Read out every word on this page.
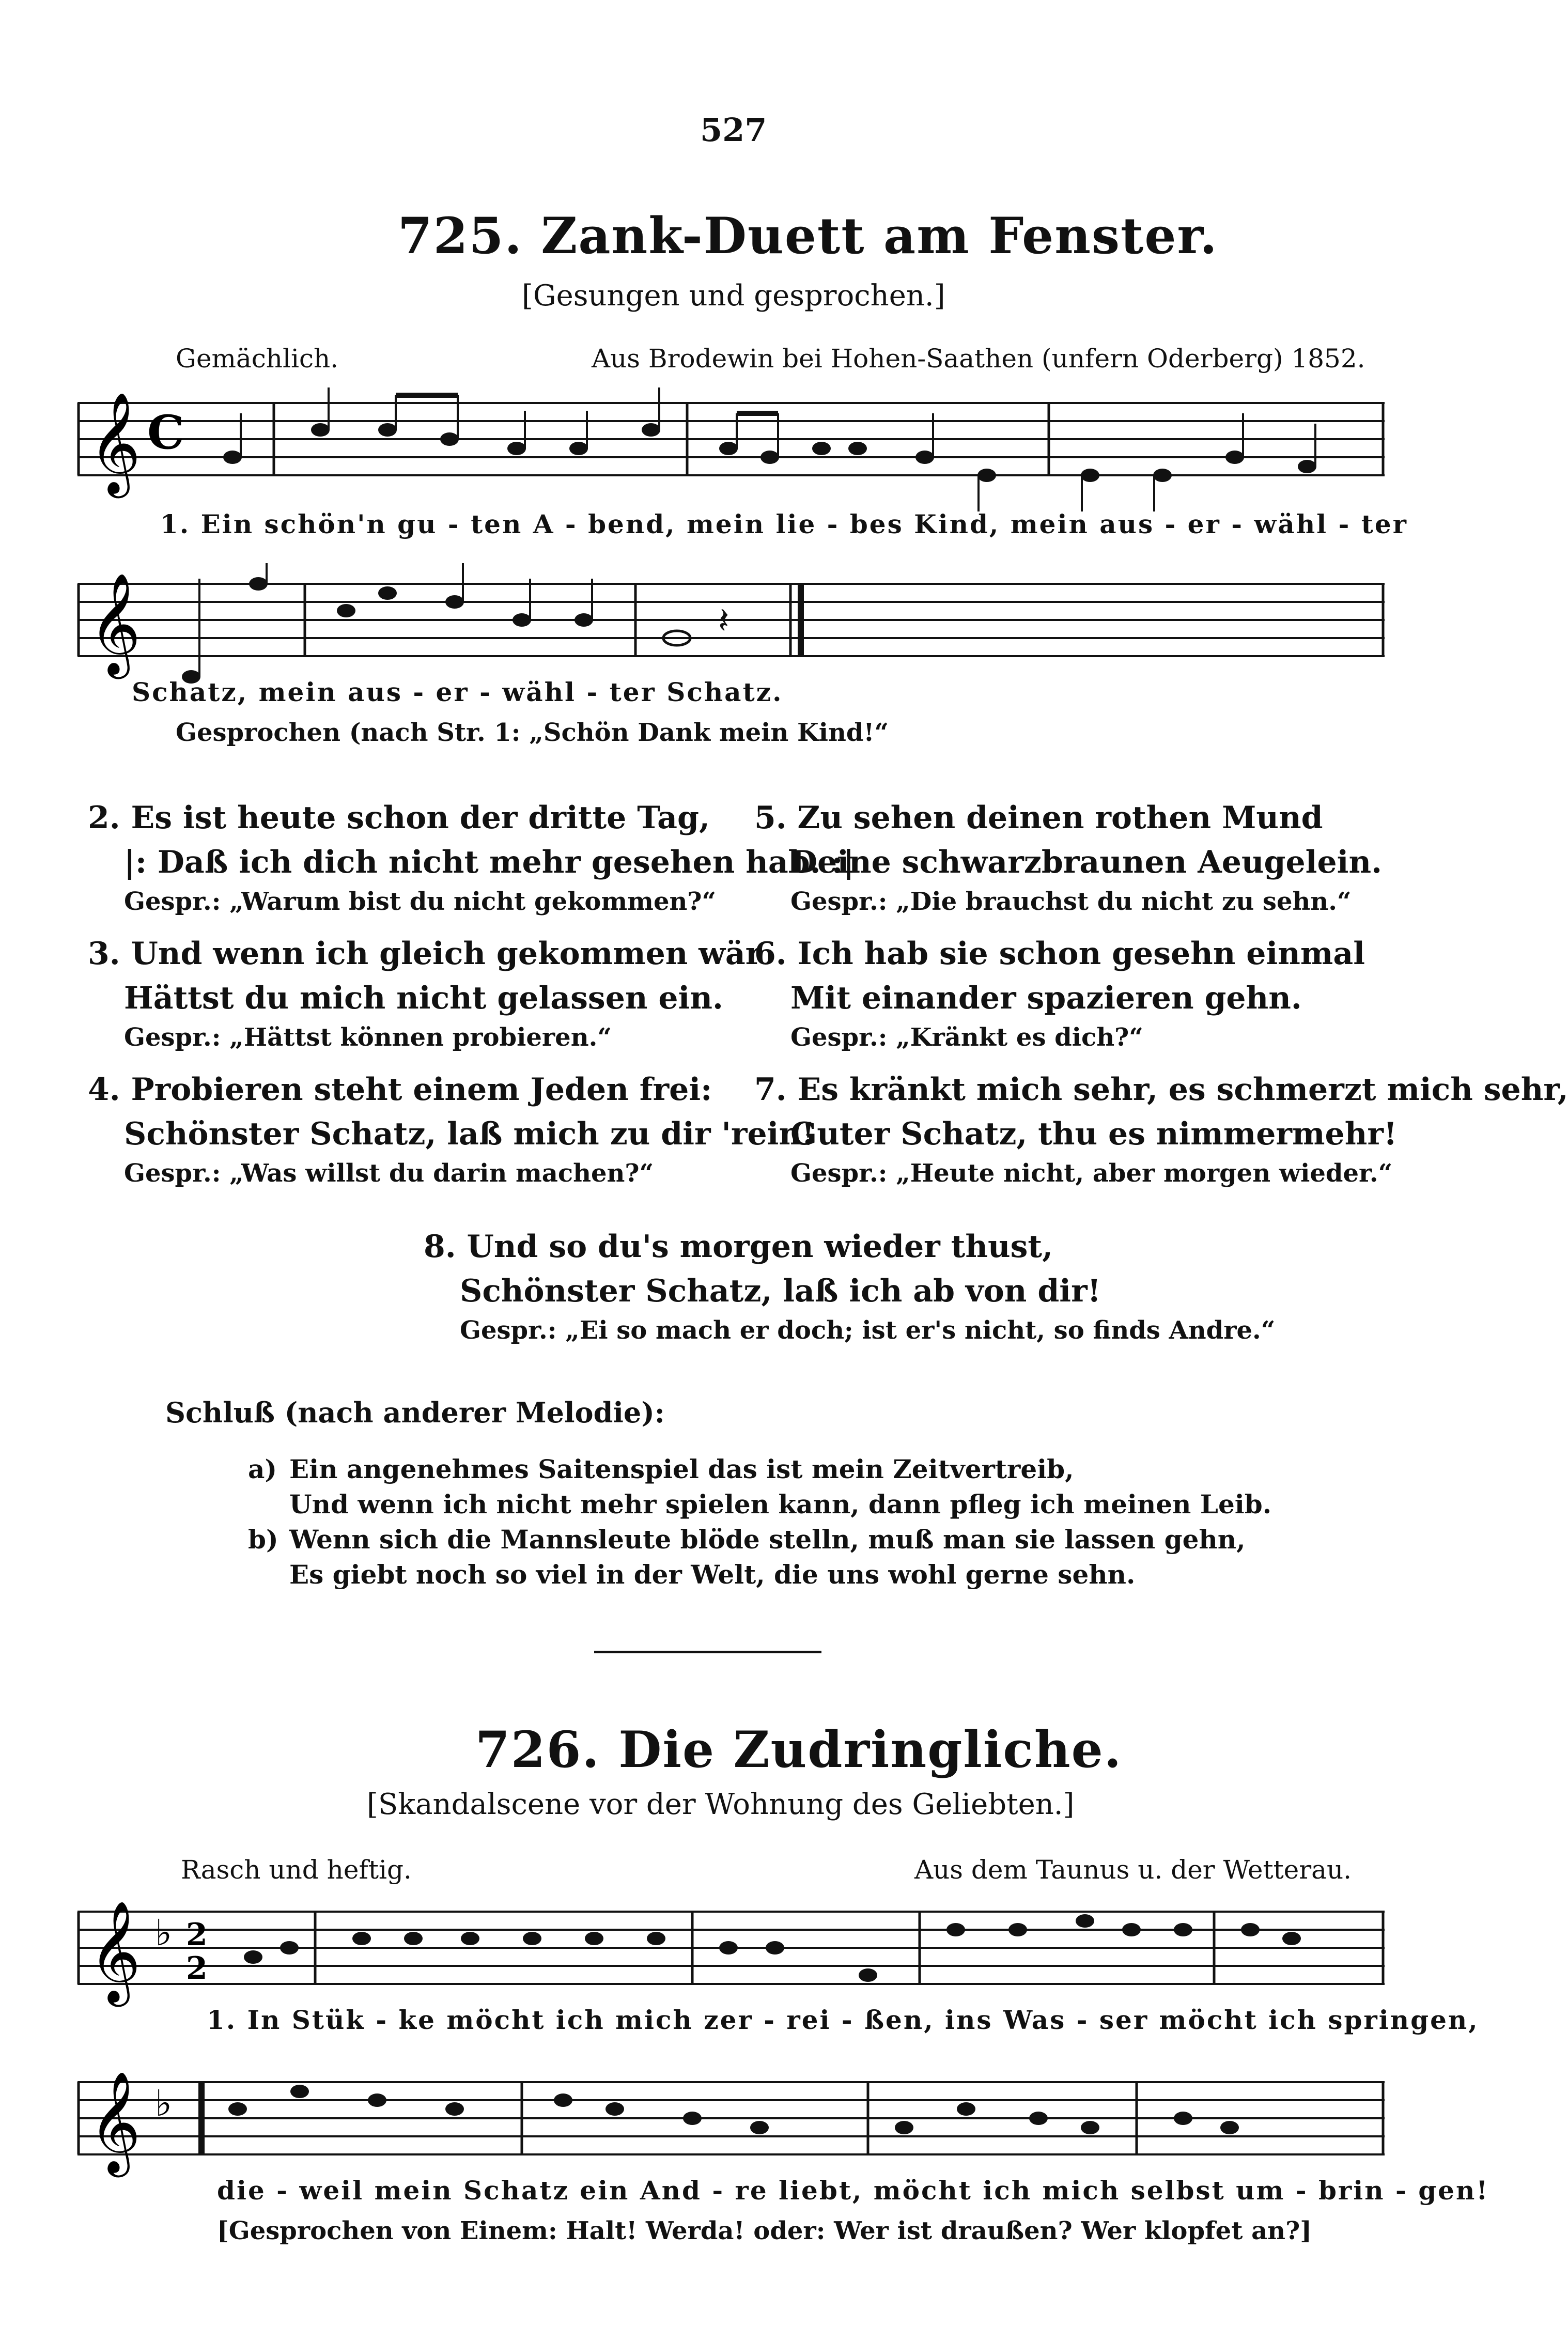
527
725. Zank-Duett am Fenster.
[Gesungen und gesprochen.]
Gemächlich.	Aus Brodewin bei Hohen-Saathen (unfern Oderberg) 1852.
𝄞 C
1. Ein schön'n gu - ten A - bend, mein lie - bes Kind, mein aus - er - wähl - ter
𝄞	𝄽
Schatz, mein aus - er - wähl - ter Schatz.
Gesprochen (nach Str. 1: „Schön Dank mein Kind!“
2. Es ist heute schon der dritte Tag,
|: Daß ich dich nicht mehr gesehen hab. :|
Gespr.: „Warum bist du nicht gekommen?“
3. Und wenn ich gleich gekommen wär
Hättst du mich nicht gelassen ein.
Gespr.: „Hättst können probieren.“
4. Probieren steht einem Jeden frei:
Schönster Schatz, laß mich zu dir 'rein!
Gespr.: „Was willst du darin machen?“
5. Zu sehen deinen rothen Mund
Deine schwarzbraunen Aeugelein.
Gespr.: „Die brauchst du nicht zu sehn.“
6. Ich hab sie schon gesehn einmal
Mit einander spazieren gehn.
Gespr.: „Kränkt es dich?“
7. Es kränkt mich sehr, es schmerzt mich sehr,
Guter Schatz, thu es nimmermehr!
Gespr.: „Heute nicht, aber morgen wieder.“
8. Und so du's morgen wieder thust,
Schönster Schatz, laß ich ab von dir!
Gespr.: „Ei so mach er doch; ist er's nicht, so finds Andre.“
Schluß (nach anderer Melodie):
a) Ein angenehmes Saitenspiel das ist mein Zeitvertreib,
Und wenn ich nicht mehr spielen kann, dann pfleg ich meinen Leib.
b) Wenn sich die Mannsleute blöde stelln, muß man sie lassen gehn,
Es giebt noch so viel in der Welt, die uns wohl gerne sehn.
726. Die Zudringliche.
[Skandalscene vor der Wohnung des Geliebten.]
Rasch und heftig.	Aus dem Taunus u. der Wetterau.
𝄞 ♭ 2
2
1. In Stük - ke möcht ich mich zer - rei - ßen, ins Was - ser möcht ich springen,
𝄞 ♭
die - weil mein Schatz ein And - re liebt, möcht ich mich selbst um - brin - gen!
[Gesprochen von Einem: Halt! Werda! oder: Wer ist draußen? Wer klopfet an?]
